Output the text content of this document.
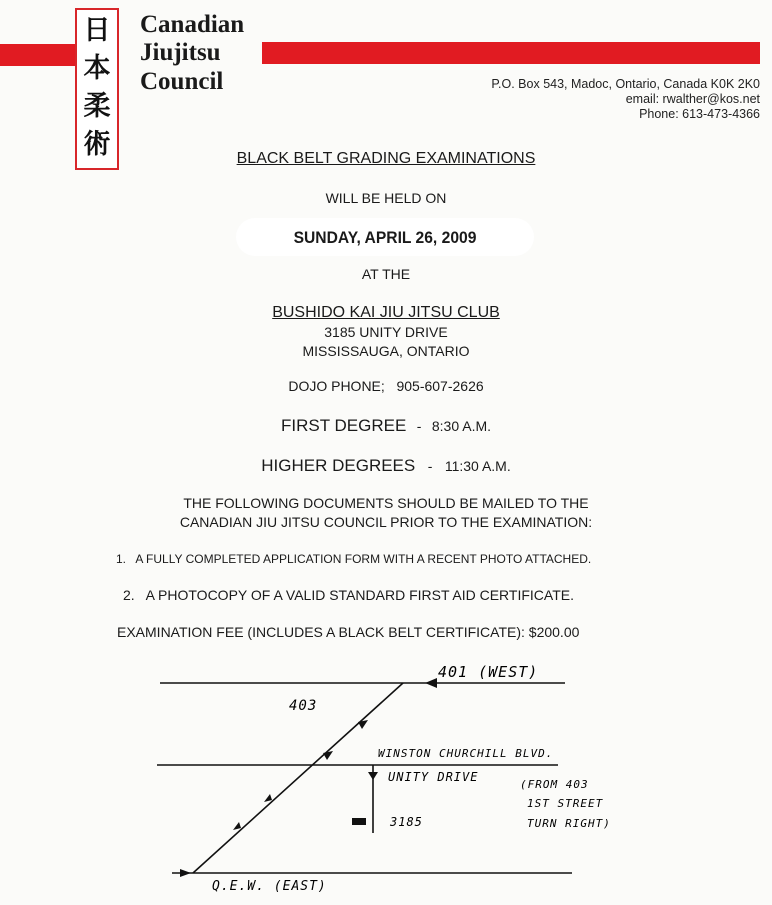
日
本
柔
術
Canadian
Jiujitsu
Council	P.O. Box 543, Madoc, Ontario, Canada K0K 2K0
email: rwalther@kos.net
Phone: 613-473-4366
BLACK BELT GRADING EXAMINATIONS
WILL BE HELD ON
SUNDAY, APRIL 26, 2009
AT THE
BUSHIDO KAI JIU JITSU CLUB
3185 UNITY DRIVE
MISSISSAUGA, ONTARIO
DOJO PHONE; 905-607-2626
FIRST DEGREE - 8:30 A.M.
HIGHER DEGREES - 11:30 A.M.
THE FOLLOWING DOCUMENTS SHOULD BE MAILED TO THE
CANADIAN JIU JITSU COUNCIL PRIOR TO THE EXAMINATION:
1. A FULLY COMPLETED APPLICATION FORM WITH A RECENT PHOTO ATTACHED.
2. A PHOTOCOPY OF A VALID STANDARD FIRST AID CERTIFICATE.
EXAMINATION FEE (INCLUDES A BLACK BELT CERTIFICATE): $200.00
401 (WEST)
403
WINSTON CHURCHILL BLVD.
UNITY DRIVE
(FROM 403
1ST STREET
TURN RIGHT)
3185
Q.E.W. (EAST)
